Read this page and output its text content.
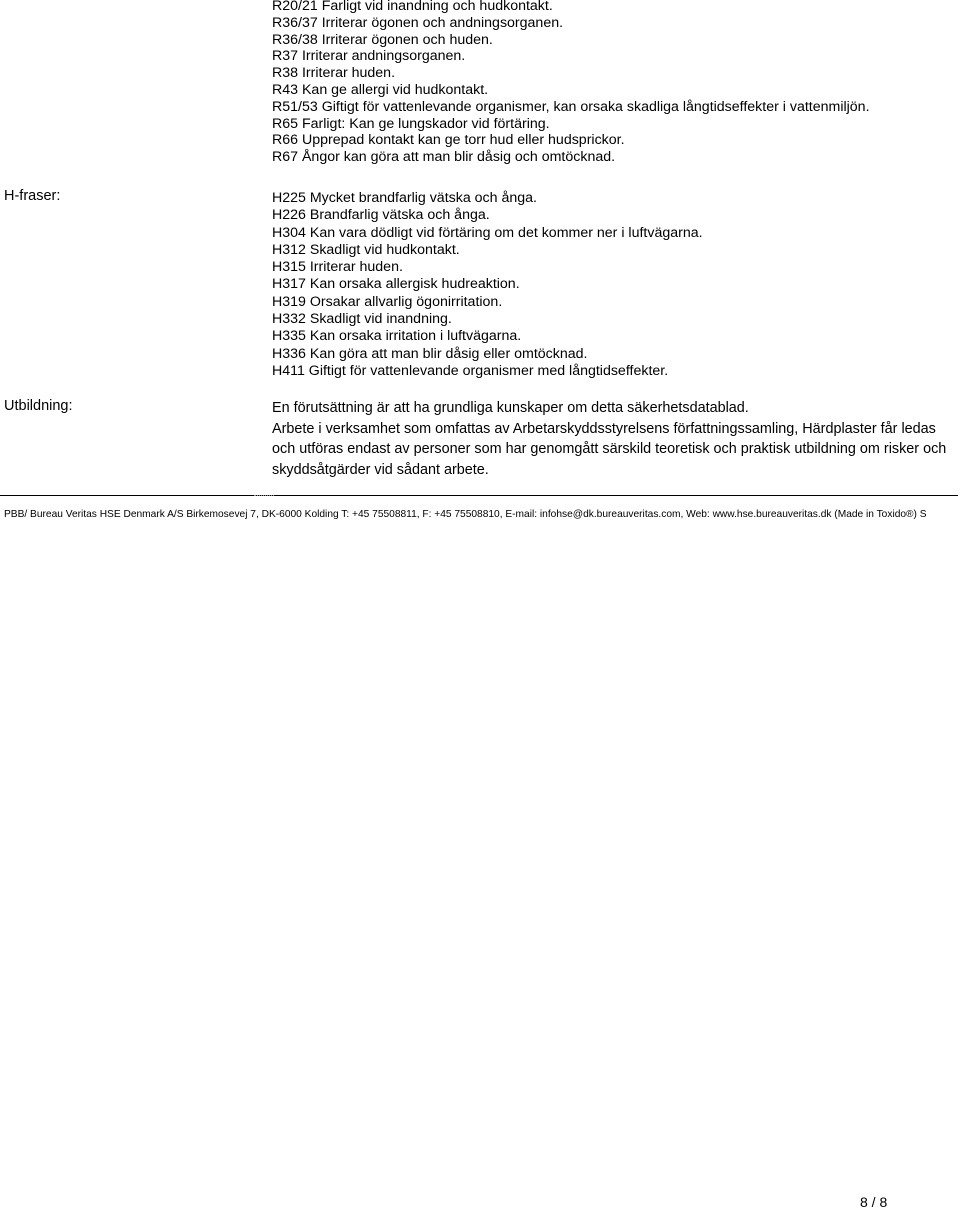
R20/21 Farligt vid inandning och hudkontakt.
R36/37 Irriterar ögonen och andningsorganen.
R36/38 Irriterar ögonen och huden.
R37 Irriterar andningsorganen.
R38 Irriterar huden.
R43 Kan ge allergi vid hudkontakt.
R51/53 Giftigt för vattenlevande organismer, kan orsaka skadliga långtidseffekter i vattenmiljön.
R65 Farligt: Kan ge lungskador vid förtäring.
R66 Upprepad kontakt kan ge torr hud eller hudsprickor.
R67 Ångor kan göra att man blir dåsig och omtöcknad.
H-fraser:	H225 Mycket brandfarlig vätska och ånga.
H226 Brandfarlig vätska och ånga.
H304 Kan vara dödligt vid förtäring om det kommer ner i luftvägarna.
H312 Skadligt vid hudkontakt.
H315 Irriterar huden.
H317 Kan orsaka allergisk hudreaktion.
H319 Orsakar allvarlig ögonirritation.
H332 Skadligt vid inandning.
H335 Kan orsaka irritation i luftvägarna.
H336 Kan göra att man blir dåsig eller omtöcknad.
H411 Giftigt för vattenlevande organismer med långtidseffekter.
Utbildning:	En förutsättning är att ha grundliga kunskaper om detta säkerhetsdatablad.
Arbete i verksamhet som omfattas av Arbetarskyddsstyrelsens författningssamling, Härdplaster får ledas och utföras endast av personer som har genomgått särskild teoretisk och praktisk utbildning om risker och skyddsåtgärder vid sådant arbete.
PBB/ Bureau Veritas HSE Denmark A/S Birkemosevej 7, DK-6000 Kolding T: +45 75508811, F: +45 75508810, E-mail: infohse@dk.bureauveritas.com, Web: www.hse.bureauveritas.dk (Made in Toxido®) S
8 / 8
